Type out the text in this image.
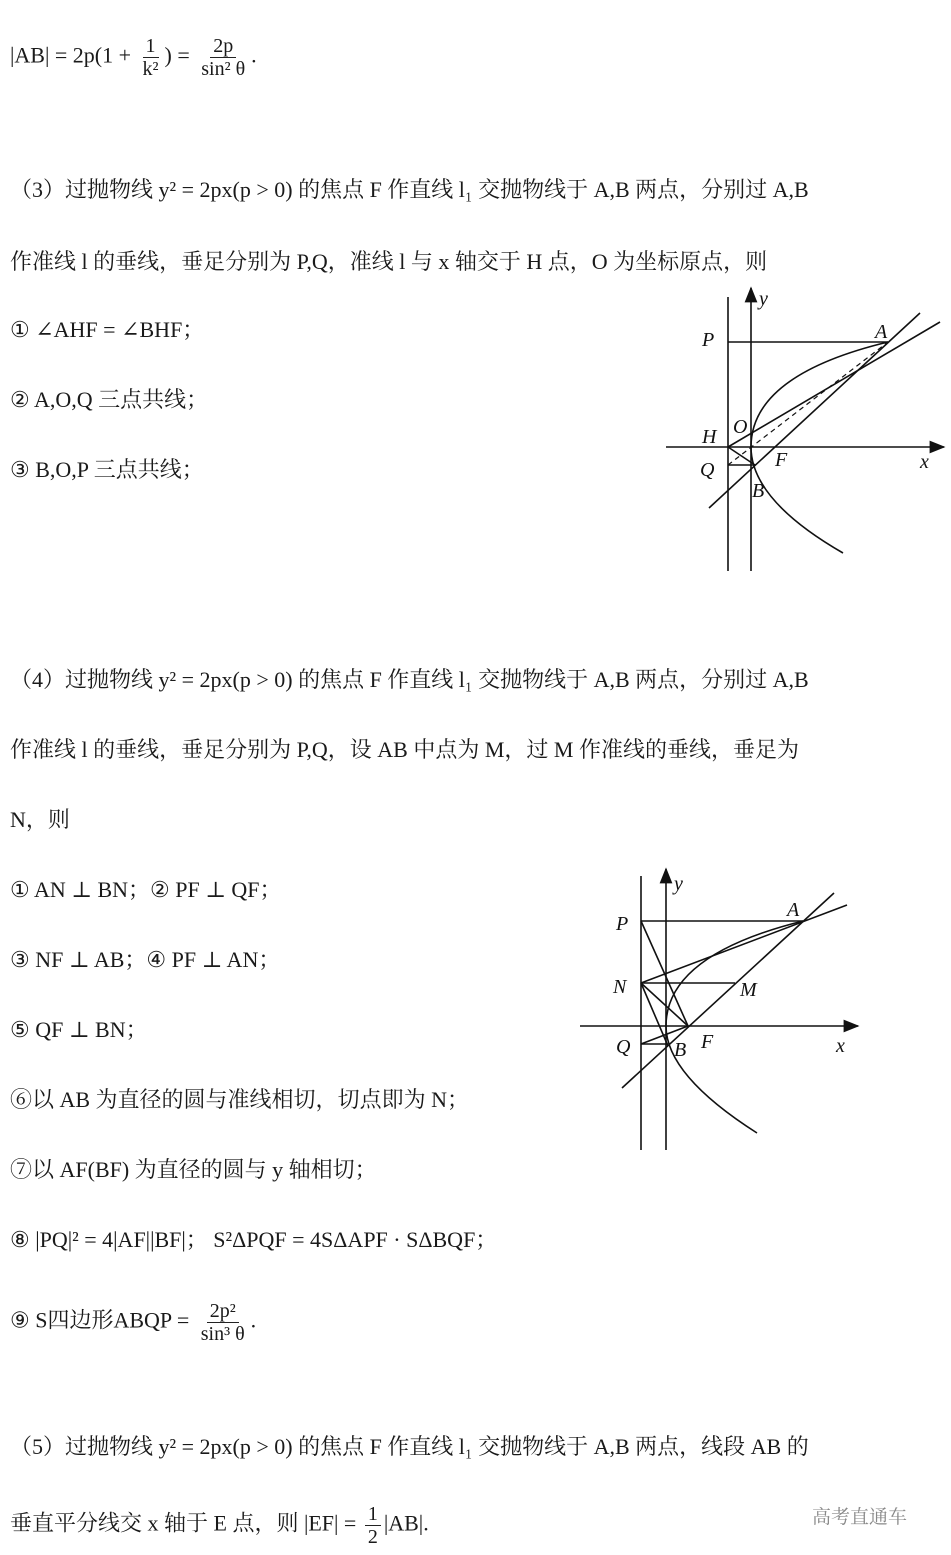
$|AB| = 2p(1 + \frac{1}{\text{k²}}$ ) = $\frac{2p}{\text{sin² θ}}$ .
（3）过抛物线 y² = 2px(p > 0) 的焦点 F 作直线 l₁ 交抛物线于 A,B 两点，分别过 A,B
作准线 l 的垂线，垂足分别为 P,Q，准线 l 与 x 轴交于 H 点，O 为坐标原点，则
① ∠AHF = ∠BHF；
② A,O,Q 三点共线；
③ B,O,P 三点共线；
（4）过抛物线 y² = 2px(p > 0) 的焦点 F 作直线 l₁ 交抛物线于 A,B 两点，分别过 A,B
作准线 l 的垂线，垂足分别为 P,Q，设 AB 中点为 M，过 M 作准线的垂线，垂足为
N，则
① AN ⊥ BN；② PF ⊥ QF；
③ NF ⊥ AB；④ PF ⊥ AN；
⑤ QF ⊥ BN；
⑥以 AB 为直径的圆与准线相切，切点即为 N；
⑦以 AF(BF) 为直径的圆与 y 轴相切；
⑧ |PQ|² = 4|AF||BF|； S²ΔPQF = 4SΔAPF · SΔBQF；
⑨ S四边形ABQP = $\frac{\text{2p²}}{\text{sin³ θ}}$ .
（5）过抛物线 y² = 2px(p > 0) 的焦点 F 作直线 l₁ 交抛物线于 A,B 两点，线段 AB 的
垂直平分线交 x 轴于 E 点，则 $|EF| = \frac{1}{2} |AB|$.	高考直通车
y
x
P	A
O
H
F
Q
B
y
x
P
A
N	M
Q B F
